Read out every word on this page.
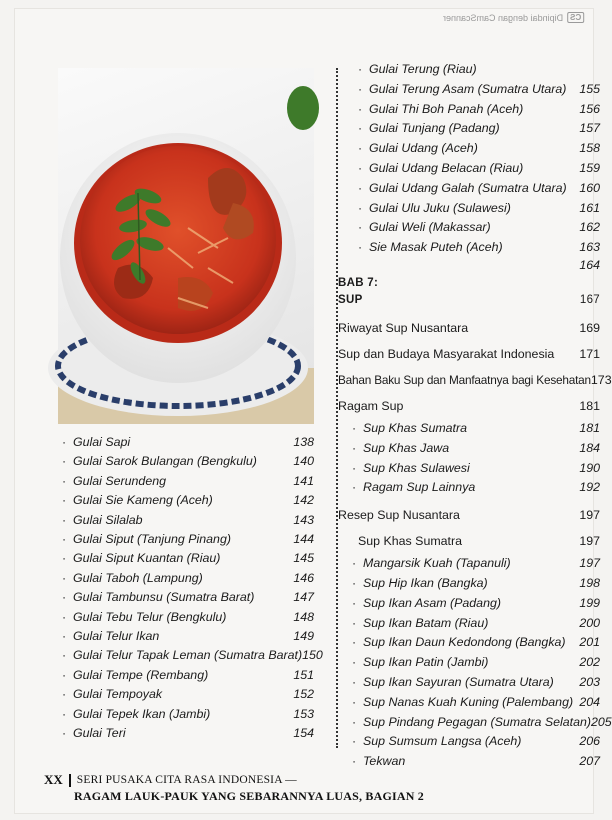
CS
Dipindai dengan CamScanner
· Gulai Sapi	138
· Gulai Sarok Bulangan (Bengkulu)	140
· Gulai Serundeng	141
· Gulai Sie Kameng (Aceh)	142
· Gulai Silalab	143
· Gulai Siput (Tanjung Pinang)	144
· Gulai Siput Kuantan (Riau)	145
· Gulai Taboh (Lampung)	146
· Gulai Tambunsu (Sumatra Barat)	147
· Gulai Tebu Telur (Bengkulu)	148
· Gulai Telur Ikan	149
· Gulai Telur Tapak Leman (Sumatra Barat) 150
· Gulai Tempe (Rembang)	151
· Gulai Tempoyak	152
· Gulai Tepek Ikan (Jambi)	153
· Gulai Teri	154
· Gulai Terung (Riau)
· Gulai Terung Asam (Sumatra Utara) 155
· Gulai Thi Boh Panah (Aceh)	156
· Gulai Tunjang (Padang)	157
· Gulai Udang (Aceh)	158
· Gulai Udang Belacan (Riau)	159
· Gulai Udang Galah (Sumatra Utara) 160
· Gulai Ulu Juku (Sulawesi)	161
· Gulai Weli (Makassar)	162
· Sie Masak Puteh (Aceh)	163
164
BAB 7:
SUP	167
Riwayat Sup Nusantara	169
Sup dan Budaya Masyarakat Indonesia 171
Bahan Baku Sup dan Manfaatnya bagi Kesehatan 173
Ragam Sup	181
· Sup Khas Sumatra	181
· Sup Khas Jawa	184
· Sup Khas Sulawesi	190
· Ragam Sup Lainnya	192
Resep Sup Nusantara	197
Sup Khas Sumatra	197
· Mangarsik Kuah (Tapanuli)	197
· Sup Hip Ikan (Bangka)	198
· Sup Ikan Asam (Padang)	199
· Sup Ikan Batam (Riau)	200
· Sup Ikan Daun Kedondong (Bangka) 201
· Sup Ikan Patin (Jambi)	202
· Sup Ikan Sayuran (Sumatra Utara) 203
· Sup Nanas Kuah Kuning (Palembang) 204
· Sup Pindang Pegagan (Sumatra Selatan) 205
· Sup Sumsum Langsa (Aceh)	206
· Tekwan	207
XX SERI PUSAKA CITA RASA INDONESIA —
RAGAM LAUK-PAUK YANG SEBARANNYA LUAS, BAGIAN 2
